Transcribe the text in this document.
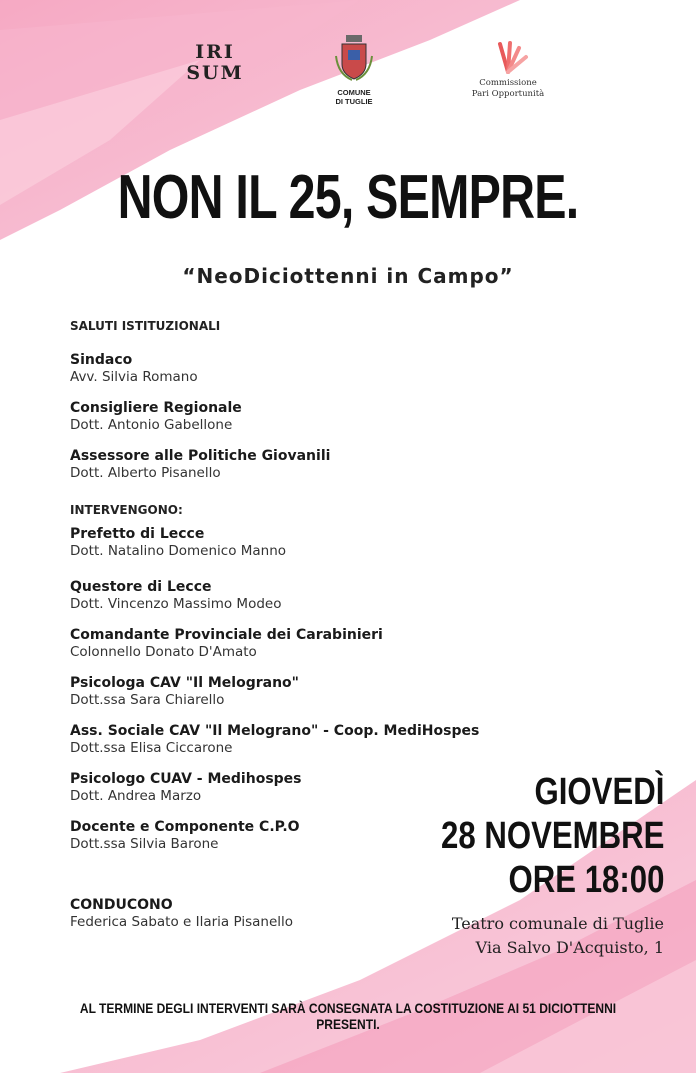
IRI
SUM
COMUNE
DI TUGLIE
Commissione
Pari Opportunità
NON IL 25, SEMPRE.
“NeoDiciottenni in Campo”
SALUTI ISTITUZIONALI
Sindaco
Avv. Silvia Romano
Consigliere Regionale
Dott. Antonio Gabellone
Assessore alle Politiche Giovanili
Dott. Alberto Pisanello
INTERVENGONO:
Prefetto di Lecce
Dott. Natalino Domenico Manno
Questore di Lecce
Dott. Vincenzo Massimo Modeo
Comandante Provinciale dei Carabinieri
Colonnello Donato D'Amato
Psicologa CAV "Il Melograno"
Dott.ssa Sara Chiarello
Ass. Sociale CAV "Il Melograno" - Coop. MediHospes
Dott.ssa Elisa Ciccarone
Psicologo CUAV - Medihospes
Dott. Andrea Marzo
Docente e Componente C.P.O
Dott.ssa Silvia Barone
CONDUCONO
Federica Sabato e Ilaria Pisanello
GIOVEDÌ
28 NOVEMBRE
ORE 18:00
Teatro comunale di Tuglie
Via Salvo D'Acquisto, 1
AL TERMINE DEGLI INTERVENTI SARÀ CONSEGNATA LA COSTITUZIONE AI 51 DICIOTTENNI PRESENTI.
